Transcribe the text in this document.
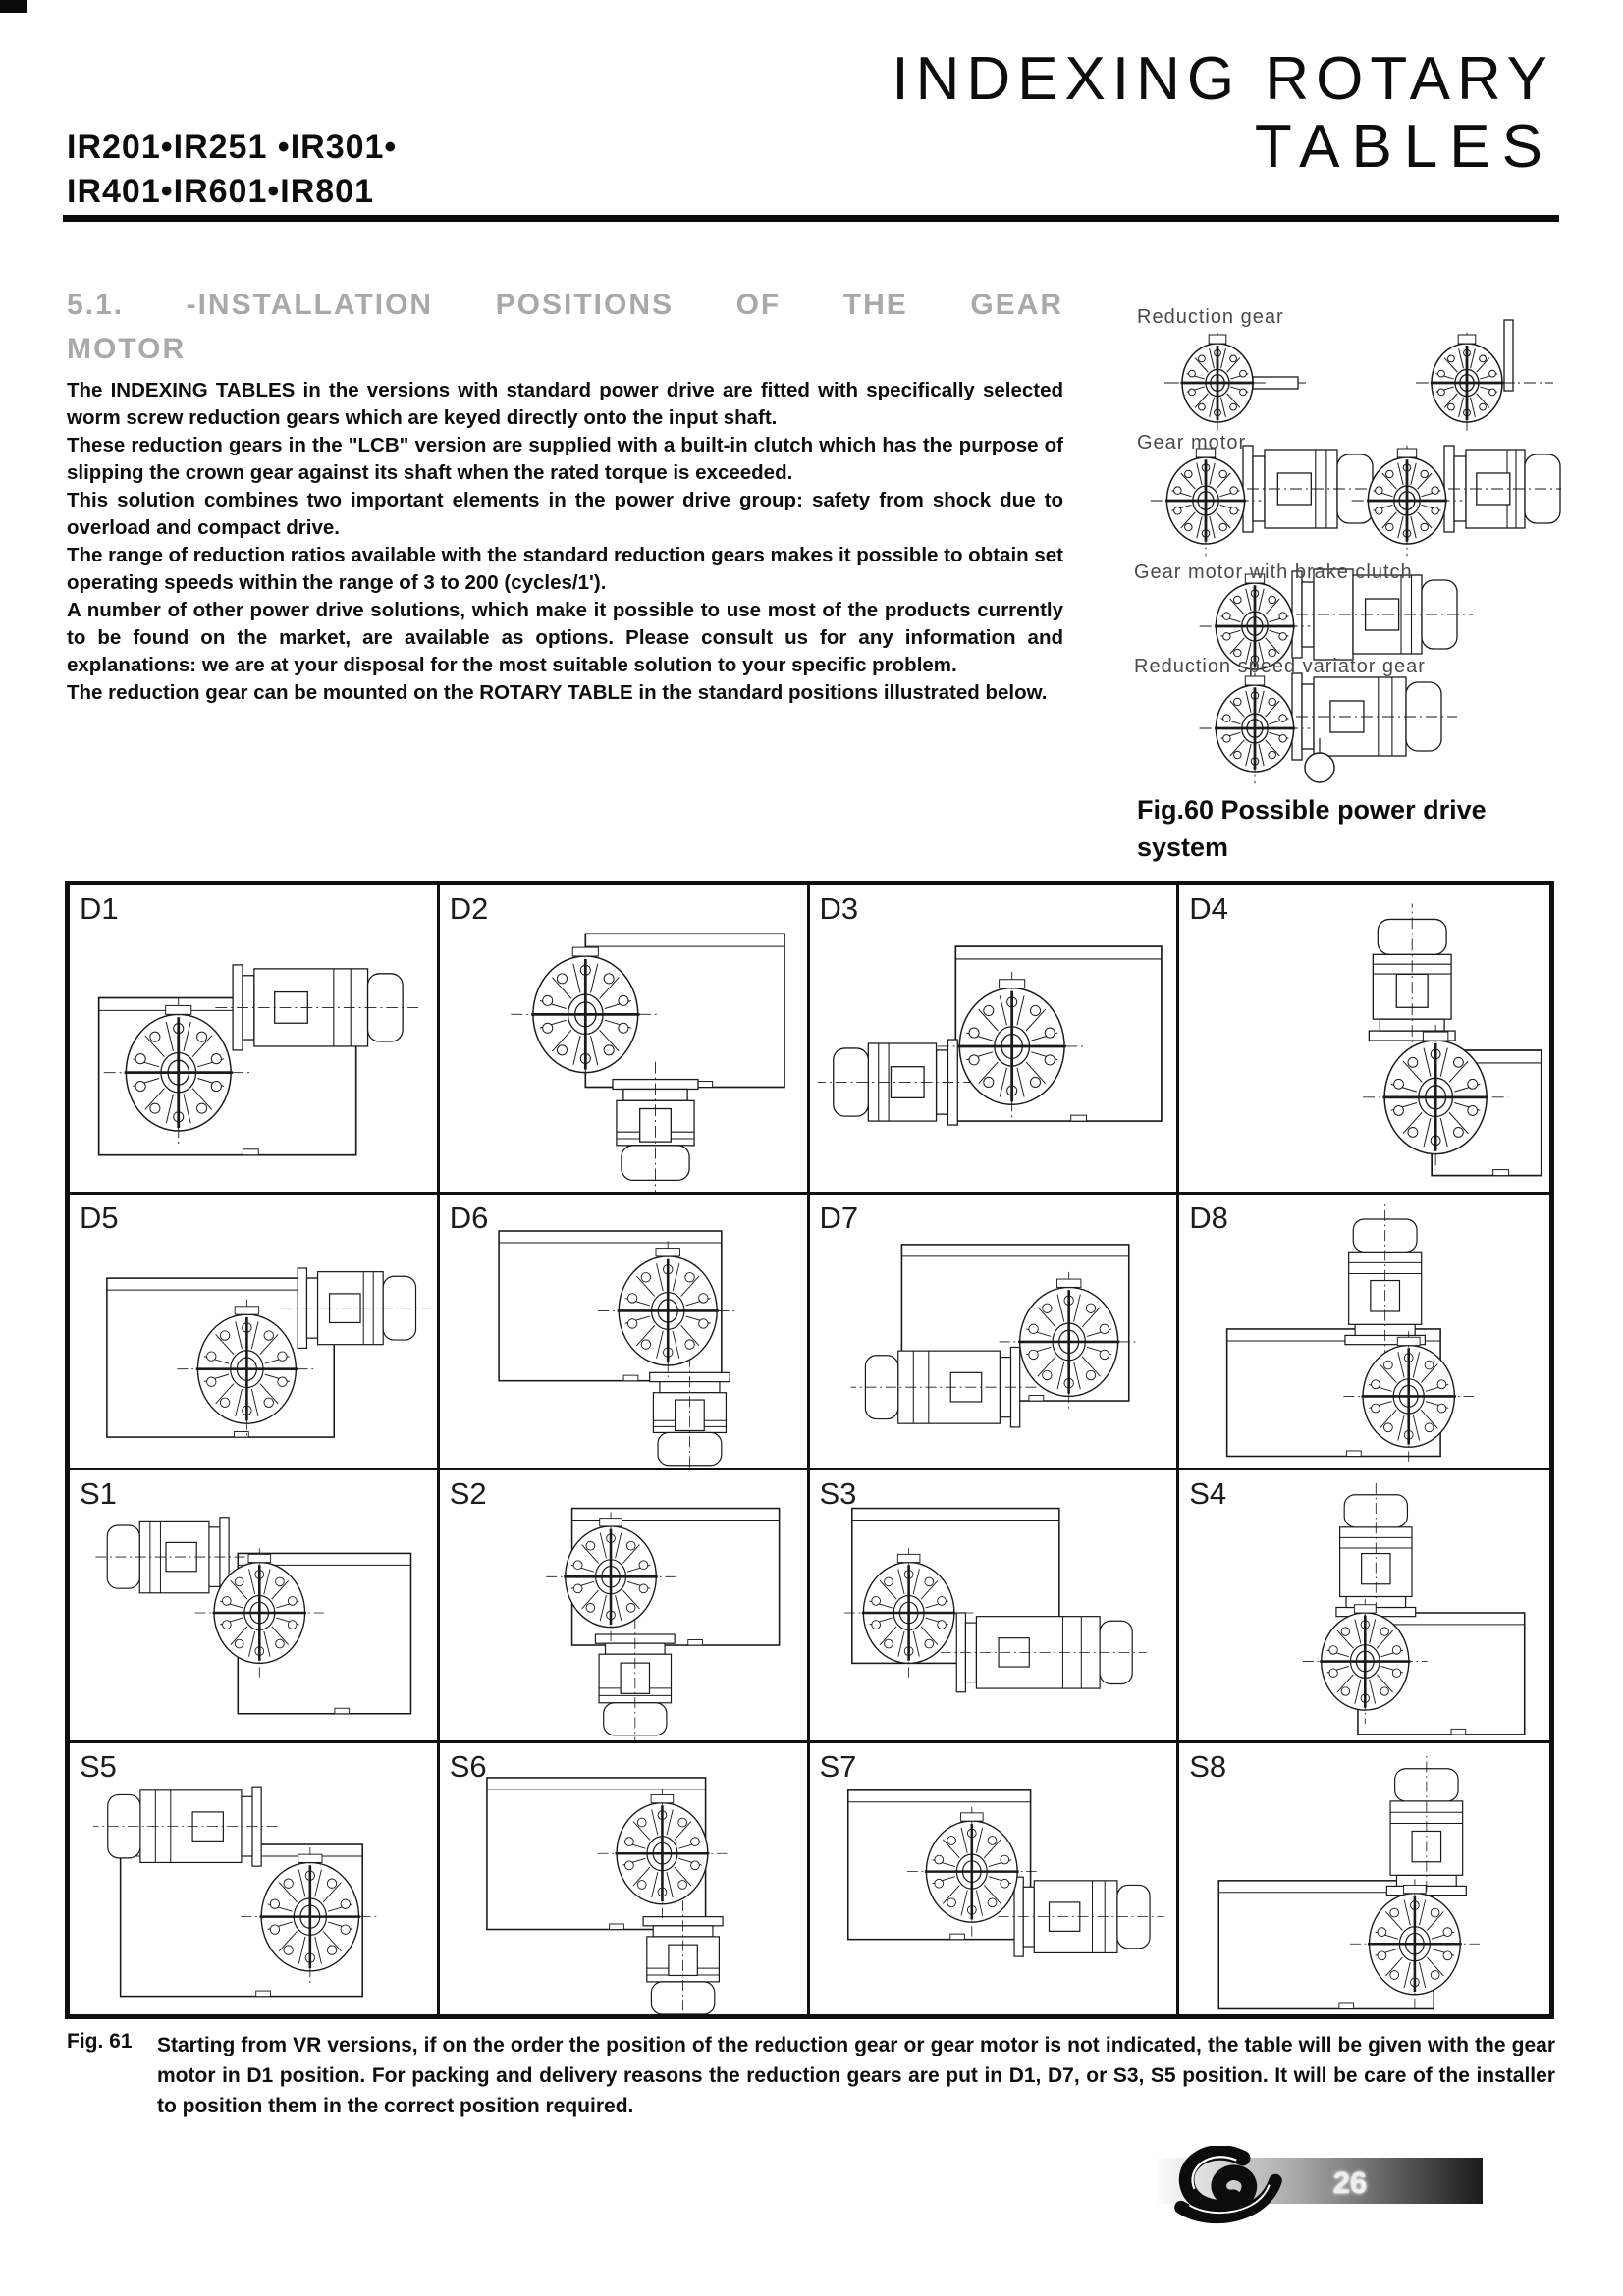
IR201•IR251 •IR301•
IR401•IR601•IR801
INDEXING ROTARY
TABLES
5.1. -INSTALLATION POSITIONS OF THE GEAR MOTOR

The INDEXING TABLES in the versions with standard power drive are fitted with specifically selected worm screw reduction gears which are keyed directly onto the input shaft.

These reduction gears in the "LCB" version are supplied with a built-in clutch which has the purpose of slipping the crown gear against its shaft when the rated torque is exceeded.

This solution combines two important elements in the power drive group: safety from shock due to overload and compact drive.

The range of reduction ratios available with the standard reduction gears makes it possible to obtain set operating speeds within the range of 3 to 200 (cycles/1').

A number of other power drive solutions, which make it possible to use most of the products currently to be found on the market, are available as options. Please consult us for any information and explanations: we are at your disposal for the most suitable solution to your specific problem.

The reduction gear can be mounted on the ROTARY TABLE in the standard positions illustrated below.

Reduction gear
Gear motor
Gear motor with brake clutch
Reduction speed variator gear
Fig.60 Possible power drive system
D1	D2	D3	D4
D5	D6	D7	D8
S1	S2	S3	S4
S5	S6	S7	S8
Fig. 61 Starting from VR versions, if on the order the position of the reduction gear or gear motor is not indicated, the table will be given with the gear motor in D1 position. For packing and delivery reasons the reduction gears are put in D1, D7, or S3, S5 position. It will be care of the installer to position them in the correct position required.
26
